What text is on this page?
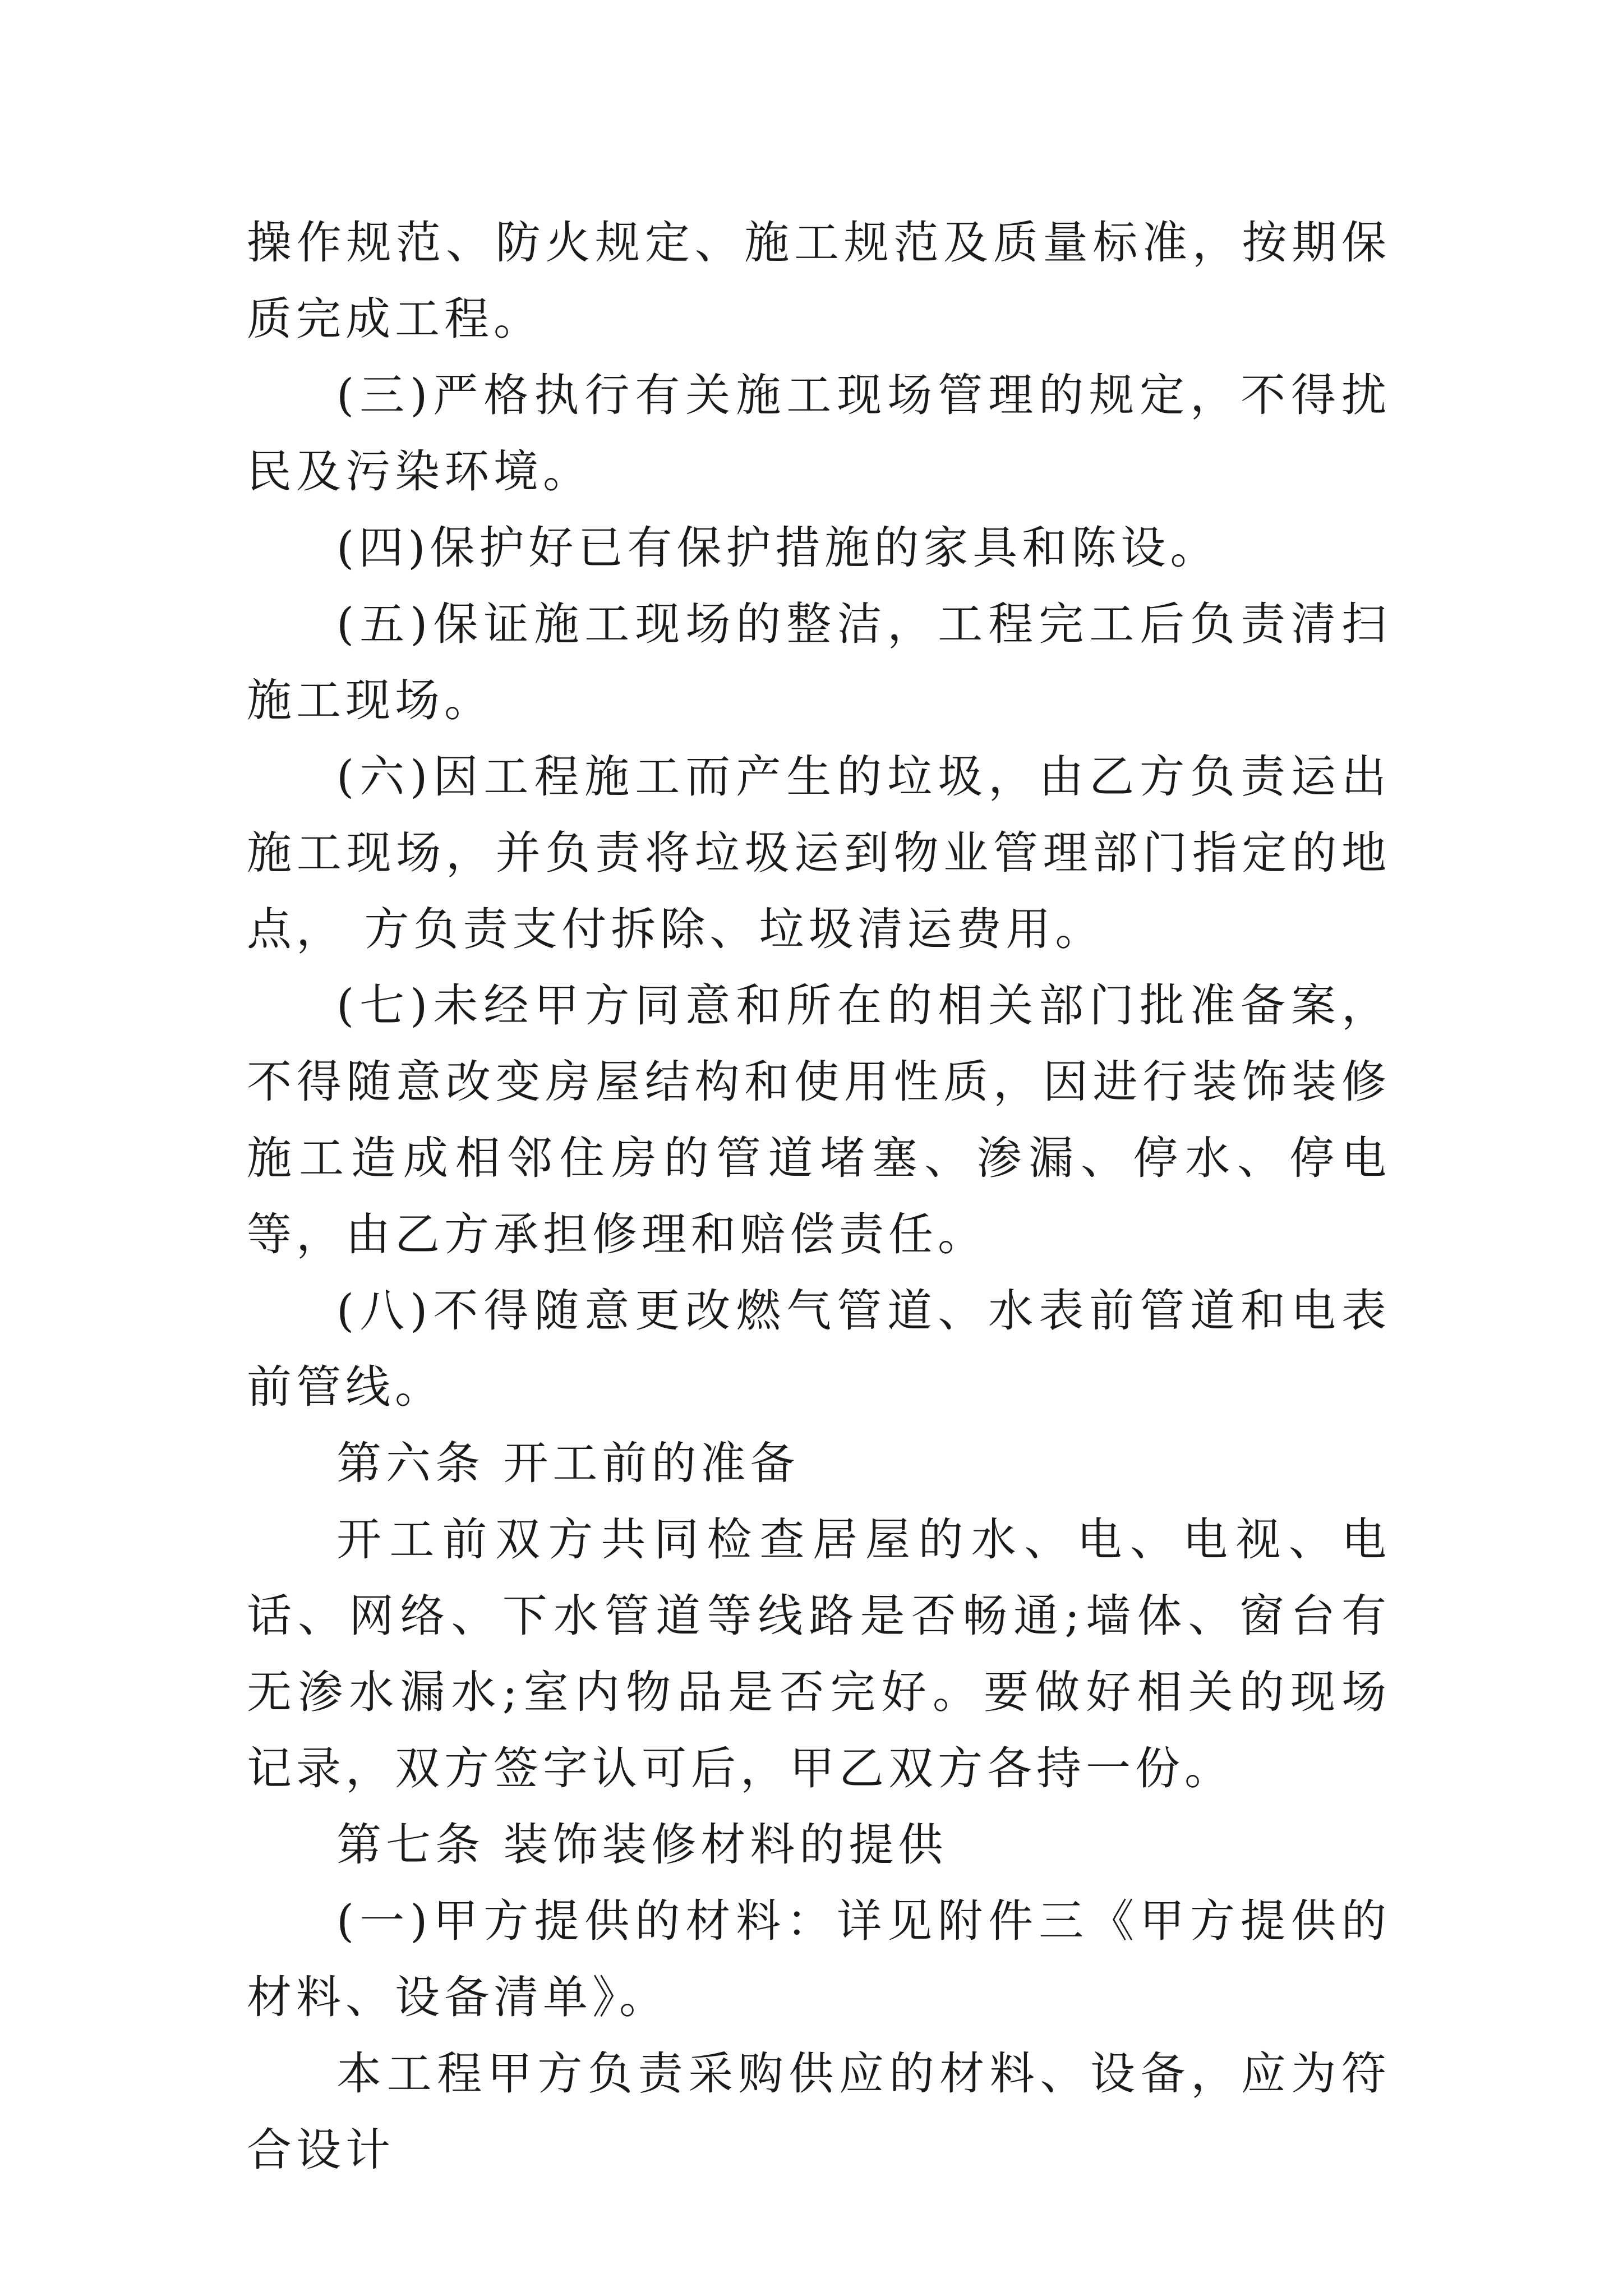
操作规范、防火规定、施工规范及质量标准，按期保质完成工程。

(三)严格执行有关施工现场管理的规定，不得扰民及污染环境。

(四)保护好已有保护措施的家具和陈设。

(五)保证施工现场的整洁，工程完工后负责清扫施工现场。

(六)因工程施工而产生的垃圾，由乙方负责运出施工现场，并负责将垃圾运到物业管理部门指定的地点， 方负责支付拆除、垃圾清运费用。

(七)未经甲方同意和所在的相关部门批准备案，不得随意改变房屋结构和使用性质，因进行装饰装修施工造成相邻住房的管道堵塞、渗漏、停水、停电等，由乙方承担修理和赔偿责任。

(八)不得随意更改燃气管道、水表前管道和电表前管线。

第六条 开工前的准备

开工前双方共同检查居屋的水、电、电视、电话、网络、下水管道等线路是否畅通;墙体、窗台有无渗水漏水;室内物品是否完好。要做好相关的现场记录，双方签字认可后，甲乙双方各持一份。

第七条 装饰装修材料的提供

(一)甲方提供的材料：详见附件三《甲方提供的材料、设备清单》。

本工程甲方负责采购供应的材料、设备，应为符合设计
